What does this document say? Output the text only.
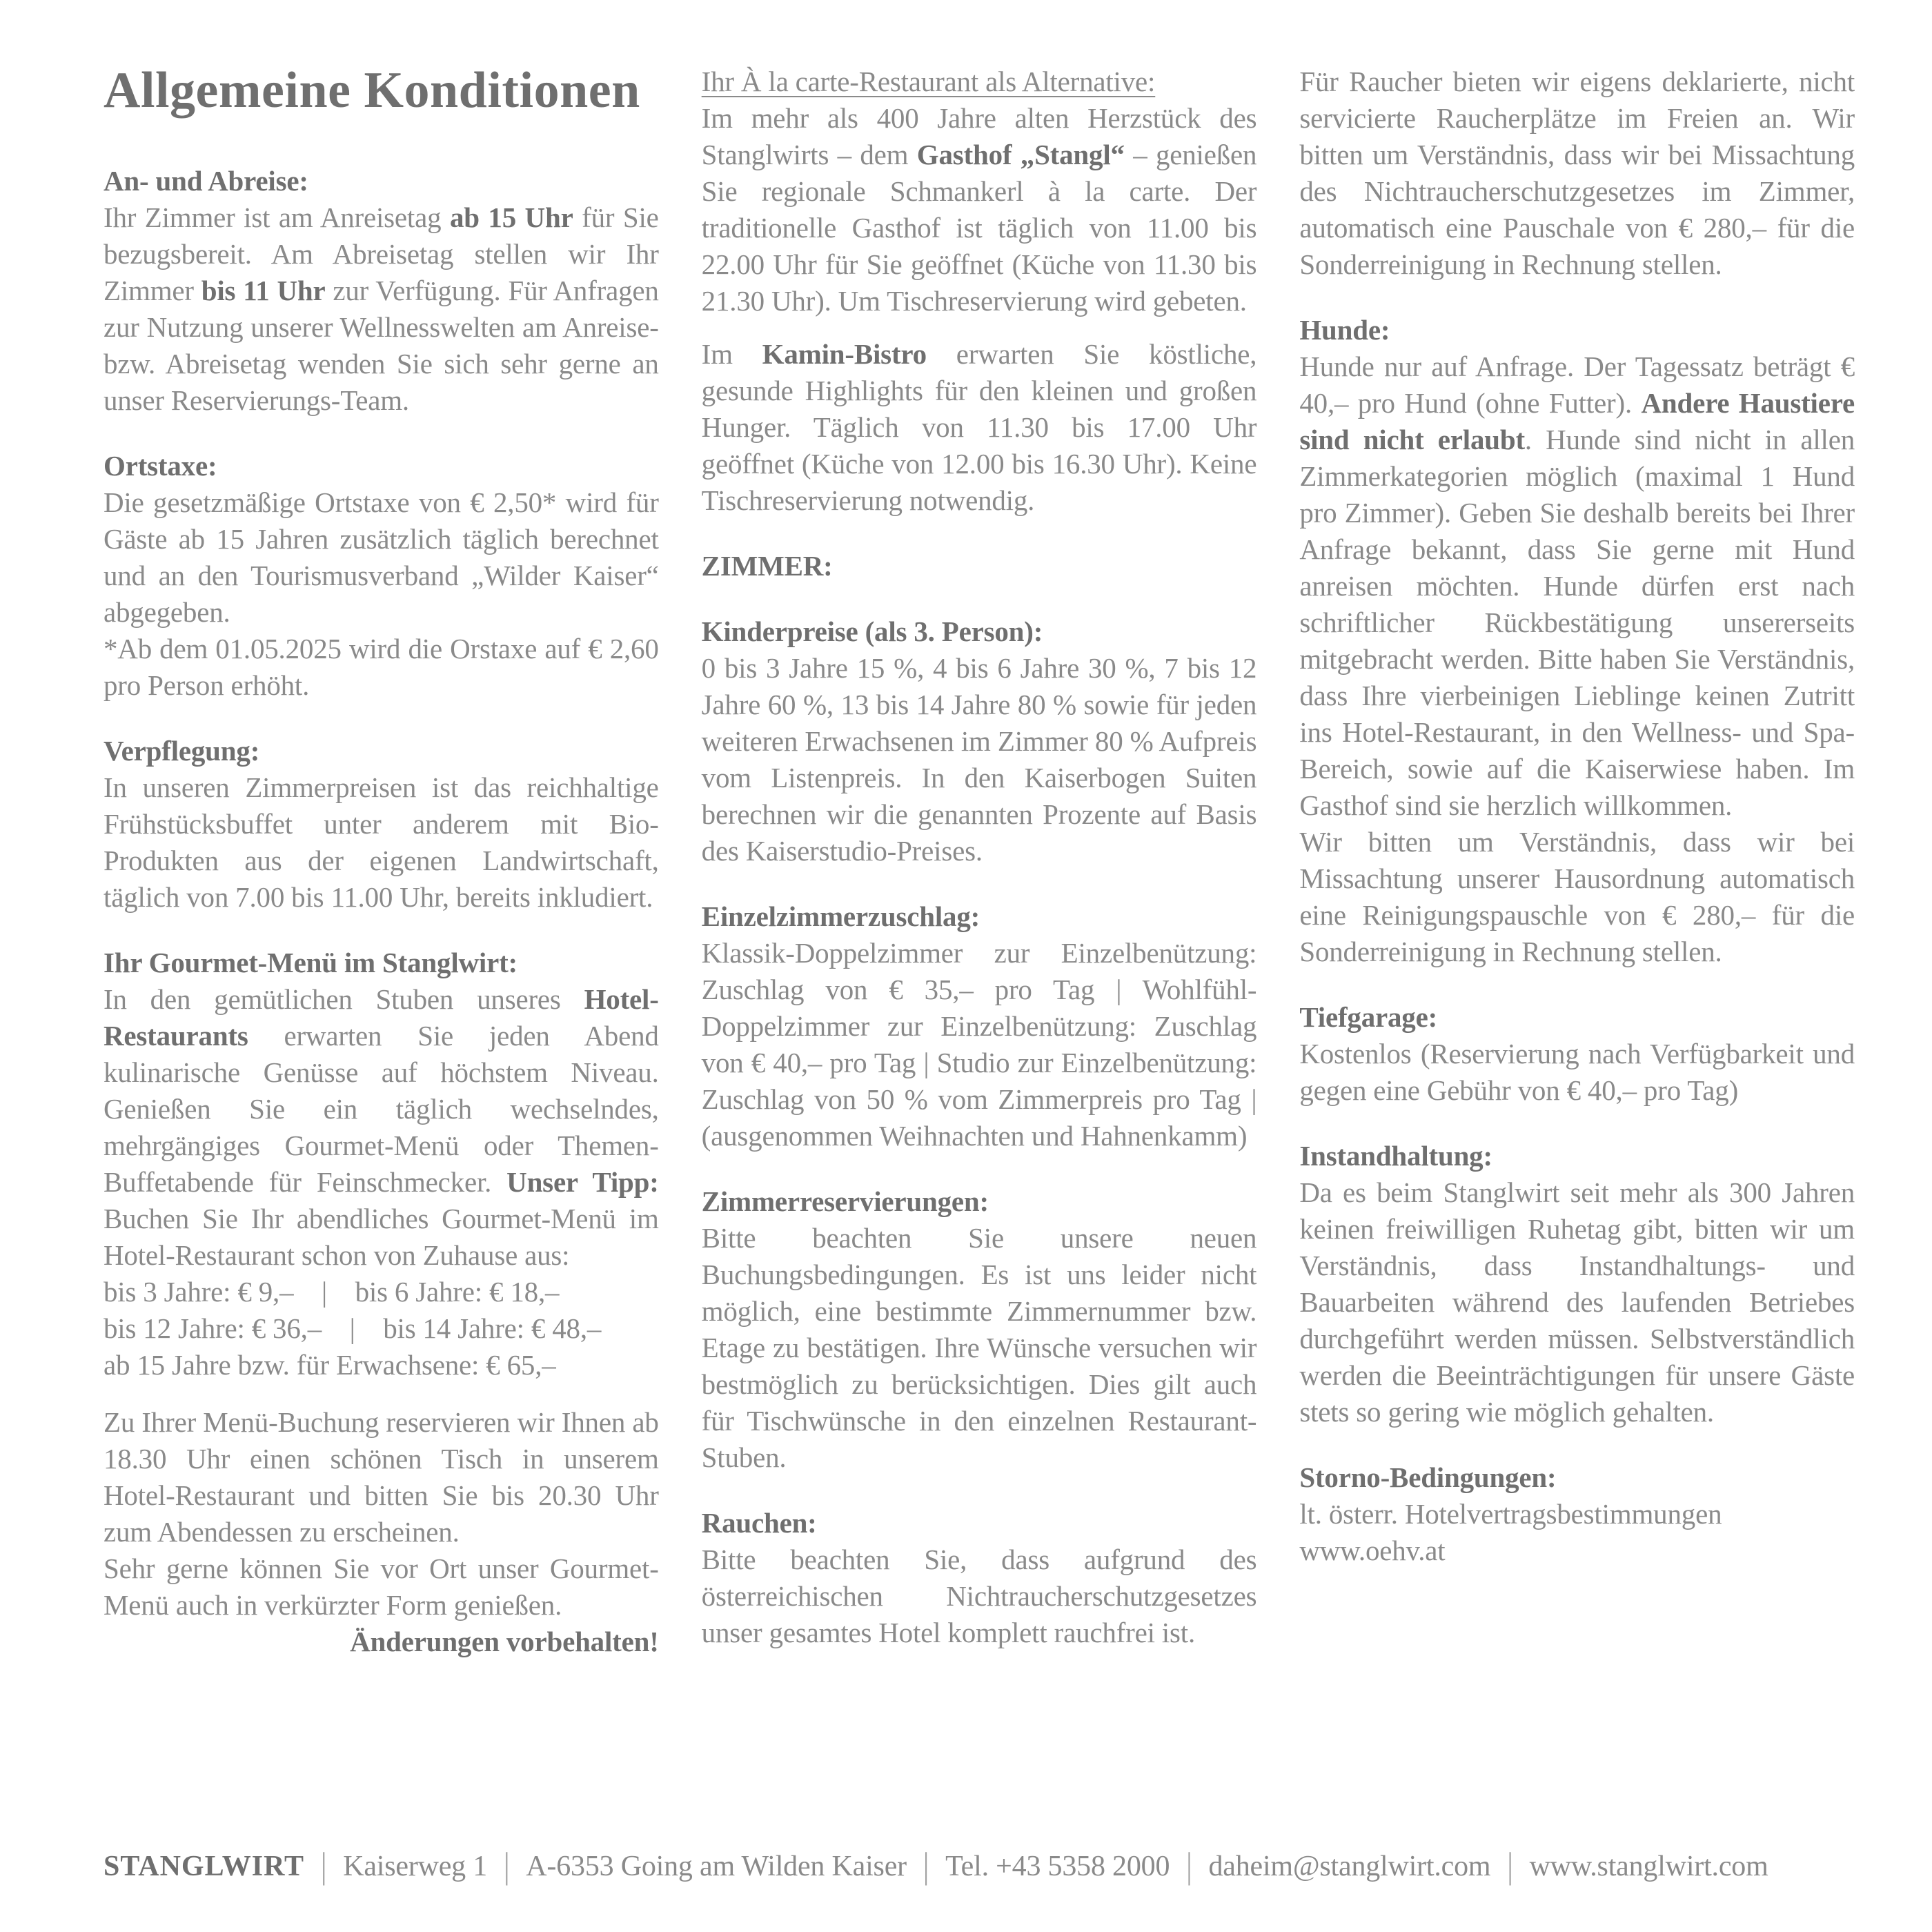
Allgemeine Konditionen
An- und Abreise:

Ihr Zimmer ist am Anreisetag ab 15 Uhr für Sie bezugsbereit. Am Abreisetag stellen wir Ihr Zimmer bis 11 Uhr zur Verfügung. Für Anfragen zur Nutzung unserer Wellnesswelten am Anreise- bzw. Abreisetag wenden Sie sich sehr gerne an unser Reservierungs-Team.

Ortstaxe:

Die gesetzmäßige Ortstaxe von € 2,50* wird für Gäste ab 15 Jahren zusätzlich täglich berechnet und an den Tourismusverband „Wilder Kaiser“ abgegeben.

*Ab dem 01.05.2025 wird die Orstaxe auf € 2,60 pro Person erhöht.

Verpflegung:

In unseren Zimmerpreisen ist das reichhaltige Frühstücksbuffet unter anderem mit Bio-Produkten aus der eigenen Landwirtschaft, täglich von 7.00 bis 11.00 Uhr, bereits inkludiert.

Ihr Gourmet-Menü im Stanglwirt:

In den gemütlichen Stuben unseres Hotel-Restaurants erwarten Sie jeden Abend kulinarische Genüsse auf höchstem Niveau. Genießen Sie ein täglich wechselndes, mehrgängiges Gourmet-Menü oder Themen-Buffetabende für Feinschmecker. Unser Tipp: Buchen Sie Ihr abendliches Gourmet-Menü im Hotel-Restaurant schon von Zuhause aus:

bis 3 Jahre: € 9,–  |  bis 6 Jahre: € 18,–
bis 12 Jahre: € 36,–  |  bis 14 Jahre: € 48,–
ab 15 Jahre bzw. für Erwachsene: € 65,–

Zu Ihrer Menü-Buchung reservieren wir Ihnen ab 18.30 Uhr einen schönen Tisch in unserem Hotel-Restaurant und bitten Sie bis 20.30 Uhr zum Abendessen zu erscheinen.

Sehr gerne können Sie vor Ort unser Gourmet-Menü auch in verkürzter Form genießen.
Änderungen vorbehalten!

Ihr À la carte-Restaurant als Alternative:

Im mehr als 400 Jahre alten Herzstück des Stanglwirts – dem Gasthof „Stangl“ – genießen Sie regionale Schmankerl à la carte. Der traditionelle Gasthof ist täglich von 11.00 bis 22.00 Uhr für Sie geöffnet (Küche von 11.30 bis 21.30 Uhr). Um Tischreservierung wird gebeten.

Im Kamin-Bistro erwarten Sie köstliche, gesunde Highlights für den kleinen und großen Hunger. Täglich von 11.30 bis 17.00 Uhr geöffnet (Küche von 12.00 bis 16.30 Uhr). Keine Tischreservierung notwendig.

ZIMMER:
Kinderpreise (als 3. Person):

0 bis 3 Jahre 15 %, 4 bis 6 Jahre 30 %, 7 bis 12 Jahre 60 %, 13 bis 14 Jahre 80 % sowie für jeden weiteren Erwachsenen im Zimmer 80 % Aufpreis vom Listenpreis. In den Kaiserbogen Suiten berechnen wir die genannten Prozente auf Basis des Kaiserstudio-Preises.

Einzelzimmerzuschlag:

Klassik-Doppelzimmer zur Einzelbenützung: Zuschlag von € 35,– pro Tag | Wohlfühl-Doppelzimmer zur Einzelbenützung: Zuschlag von € 40,– pro Tag | Studio zur Einzelbenützung: Zuschlag von 50 % vom Zimmerpreis pro Tag | (ausgenommen Weihnachten und Hahnenkamm)

Zimmerreservierungen:

Bitte beachten Sie unsere neuen Buchungsbedingungen. Es ist uns leider nicht möglich, eine bestimmte Zimmernummer bzw. Etage zu bestätigen. Ihre Wünsche versuchen wir bestmöglich zu berücksichtigen. Dies gilt auch für Tischwünsche in den einzelnen Restaurant-Stuben.

Rauchen:

Bitte beachten Sie, dass aufgrund des österreichischen Nichtraucherschutzgesetzes unser gesamtes Hotel komplett rauchfrei ist.

Für Raucher bieten wir eigens deklarierte, nicht servicierte Raucherplätze im Freien an. Wir bitten um Verständnis, dass wir bei Missachtung des Nichtraucherschutzgesetzes im Zimmer, automatisch eine Pauschale von € 280,– für die Sonderreinigung in Rechnung stellen.

Hunde:

Hunde nur auf Anfrage. Der Tagessatz beträgt € 40,– pro Hund (ohne Futter). Andere Haustiere sind nicht erlaubt. Hunde sind nicht in allen Zimmerkategorien möglich (maximal 1 Hund pro Zimmer). Geben Sie deshalb bereits bei Ihrer Anfrage bekannt, dass Sie gerne mit Hund anreisen möchten. Hunde dürfen erst nach schriftlicher Rückbestätigung unsererseits mitgebracht werden. Bitte haben Sie Verständnis, dass Ihre vierbeinigen Lieblinge keinen Zutritt ins Hotel-Restaurant, in den Wellness- und Spa-Bereich, sowie auf die Kaiserwiese haben. Im Gasthof sind sie herzlich willkommen.

Wir bitten um Verständnis, dass wir bei Missachtung unserer Hausordnung automatisch eine Reinigungspauschle von € 280,– für die Sonderreinigung in Rechnung stellen.

Tiefgarage:

Kostenlos (Reservierung nach Verfügbarkeit und gegen eine Gebühr von € 40,– pro Tag)

Instandhaltung:

Da es beim Stanglwirt seit mehr als 300 Jahren keinen freiwilligen Ruhetag gibt, bitten wir um Verständnis, dass Instandhaltungs- und Bauarbeiten während des laufenden Betriebes durchgeführt werden müssen. Selbstverständlich werden die Beeinträchtigungen für unsere Gäste stets so gering wie möglich gehalten.

Storno-Bedingungen:
lt. österr. Hotelvertragsbestimmungen
www.oehv.at
STANGLWIRT | Kaiserweg 1 | A-6353 Going am Wilden Kaiser | Tel. +43 5358 2000 | daheim@stanglwirt.com | www.stanglwirt.com
